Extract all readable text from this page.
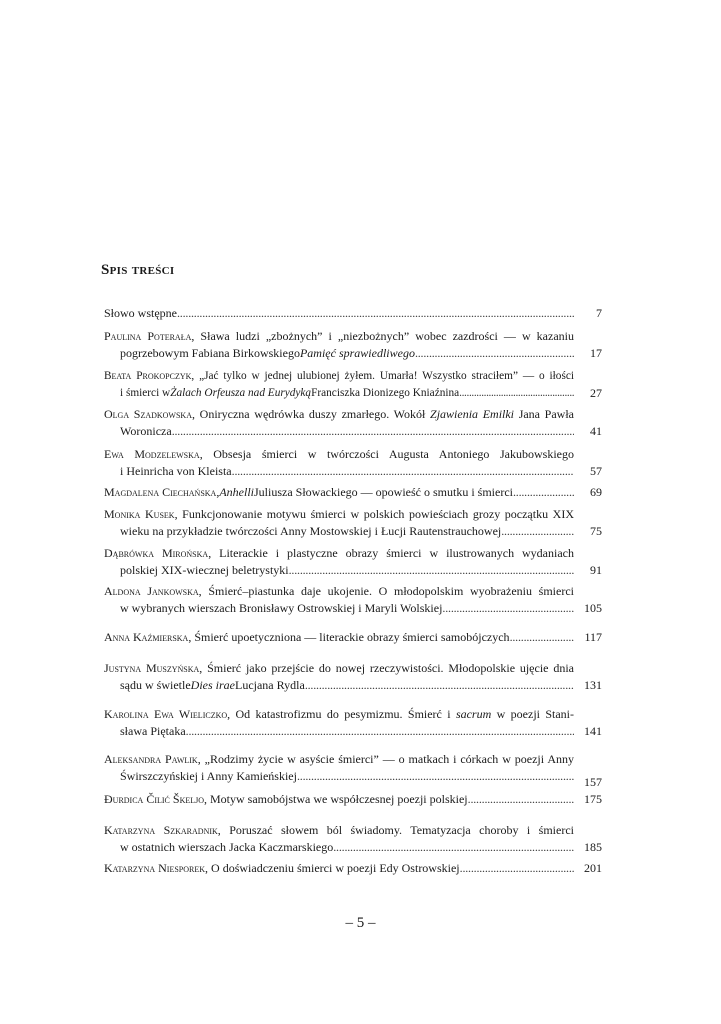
Spis treści
Słowo wstępne . . .	7
Paulina Poterała, Sława ludzi „zbożnych” i „niezbożnych” wobec zazdrości — w kazaniu
pogrzebowym Fabiana Birkowskiego Pamięć sprawiedliwego . . .	17
Beata Prokopczyk, „Jać tylko w jednej ulubionej żyłem. Umarła! Wszystko straciłem” — o iłości
i śmierci w Żalach Orfeusza nad Eurydyką Franciszka Dionizego Kniaźnina . . .	27
Olga Szadkowska, Oniryczna wędrówka duszy zmarłego. Wokół Zjawienia Emilki Jana Pawła
Woronicza . . .	41
Ewa Modzelewska, Obsesja śmierci w twórczości Augusta Antoniego Jakubowskiego
i Heinricha von Kleista . . .	57
Magdalena Ciechańska , Anhelli Juliusza Słowackiego — opowieść o smutku i śmierci . . .	69
Monika Kusek, Funkcjonowanie motywu śmierci w polskich powieściach grozy początku XIX
wieku na przykładzie twórczości Anny Mostowskiej i Łucji Rautenstrauchowej . . .	75
Dąbrówka Mirońska, Literackie i plastyczne obrazy śmierci w ilustrowanych wydaniach
polskiej XIX-wiecznej beletrystyki . . .	91
Aldona Jankowska, Śmierć–piastunka daje ukojenie. O młodopolskim wyobrażeniu śmierci
w wybranych wierszach Bronisławy Ostrowskiej i Maryli Wolskiej . . .	105
Anna Kaźmierska , Śmierć upoetyczniona — literackie obrazy śmierci samobójczych . . .	117
Justyna Muszyńska, Śmierć jako przejście do nowej rzeczywistości. Młodopolskie ujęcie dnia
sądu w świetle Dies irae Lucjana Rydla . . .	131
Karolina Ewa Wieliczko, Od katastrofizmu do pesymizmu. Śmierć i sacrum w poezji Stani-
sława Piętaka . . .	141
Aleksandra Pawlik, „Rodzimy życie w asyście śmierci” — o matkach i córkach w poezji Anny
Świrszczyńskiej i Anny Kamieńskiej . . .	157
Đurdica Čilić Škeljo , Motyw samobójstwa we współczesnej poezji polskiej . . .	175
Katarzyna Szkaradnik, Poruszać słowem ból świadomy. Tematyzacja choroby i śmierci
w ostatnich wierszach Jacka Kaczmarskiego . . .	185
Katarzyna Niesporek , O doświadczeniu śmierci w poezji Edy Ostrowskiej . . .	201
– 5 –
